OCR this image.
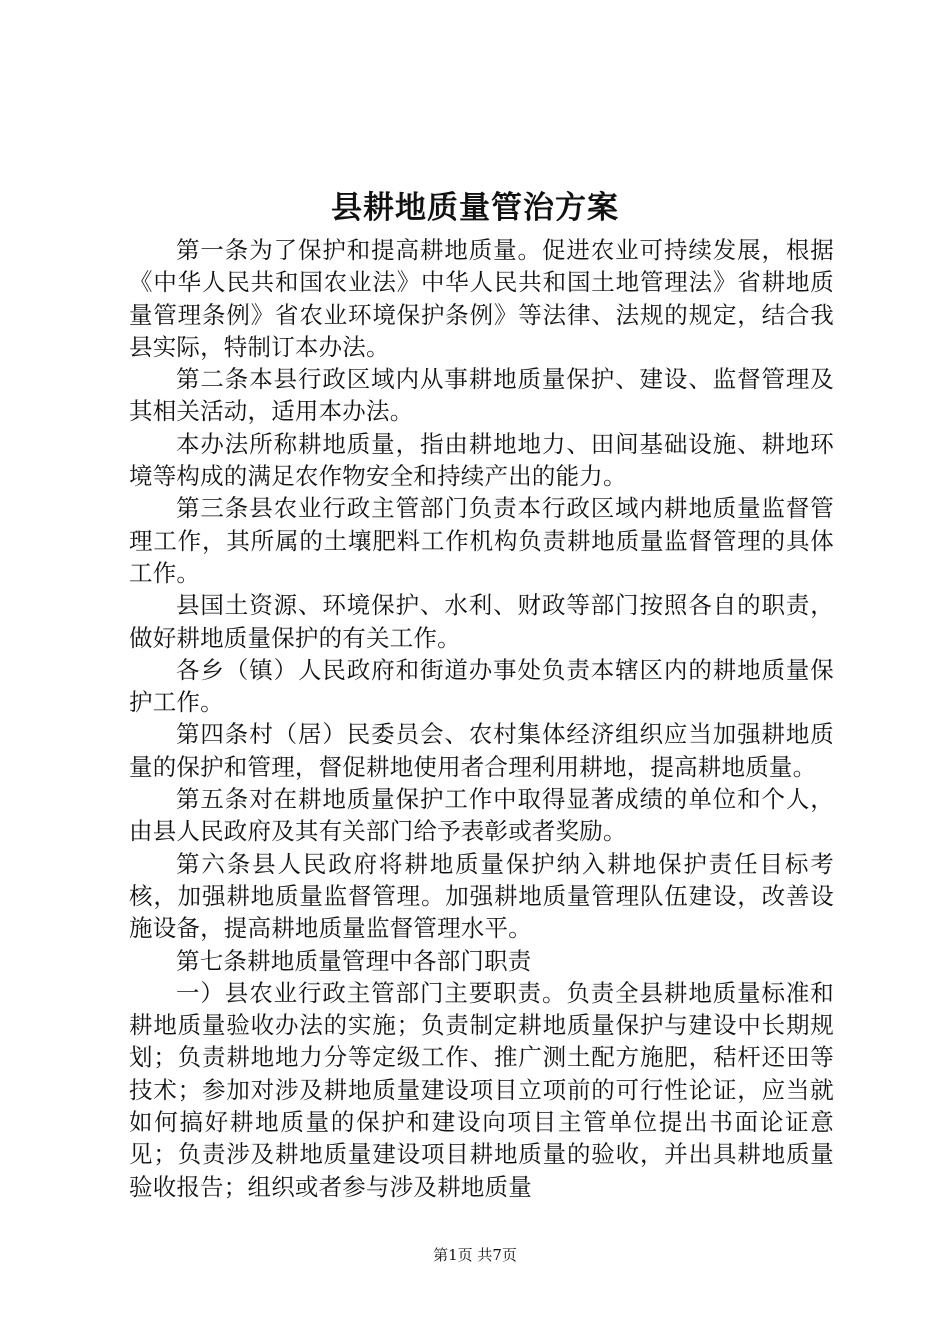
县耕地质量管治方案

第一条为了保护和提高耕地质量。促进农业可持续发展，根据《中华人民共和国农业法》中华人民共和国土地管理法》省耕地质量管理条例》省农业环境保护条例》等法律、法规的规定，结合我县实际，特制订本办法。

第二条本县行政区域内从事耕地质量保护、建设、监督管理及其相关活动，适用本办法。

本办法所称耕地质量，指由耕地地力、田间基础设施、耕地环境等构成的满足农作物安全和持续产出的能力。

第三条县农业行政主管部门负责本行政区域内耕地质量监督管理工作，其所属的土壤肥料工作机构负责耕地质量监督管理的具体工作。

县国土资源、环境保护、水利、财政等部门按照各自的职责，做好耕地质量保护的有关工作。

各乡（镇）人民政府和街道办事处负责本辖区内的耕地质量保护工作。

第四条村（居）民委员会、农村集体经济组织应当加强耕地质量的保护和管理，督促耕地使用者合理利用耕地，提高耕地质量。

第五条对在耕地质量保护工作中取得显著成绩的单位和个人，由县人民政府及其有关部门给予表彰或者奖励。

第六条县人民政府将耕地质量保护纳入耕地保护责任目标考核，加强耕地质量监督管理。加强耕地质量管理队伍建设，改善设施设备，提高耕地质量监督管理水平。

第七条耕地质量管理中各部门职责

一）县农业行政主管部门主要职责。负责全县耕地质量标准和耕地质量验收办法的实施；负责制定耕地质量保护与建设中长期规划；负责耕地地力分等定级工作、推广测土配方施肥，秸杆还田等技术；参加对涉及耕地质量建设项目立项前的可行性论证，应当就如何搞好耕地质量的保护和建设向项目主管单位提出书面论证意见；负责涉及耕地质量建设项目耕地质量的验收，并出具耕地质量验收报告；组织或者参与涉及耕地质量

第1页 共7页
